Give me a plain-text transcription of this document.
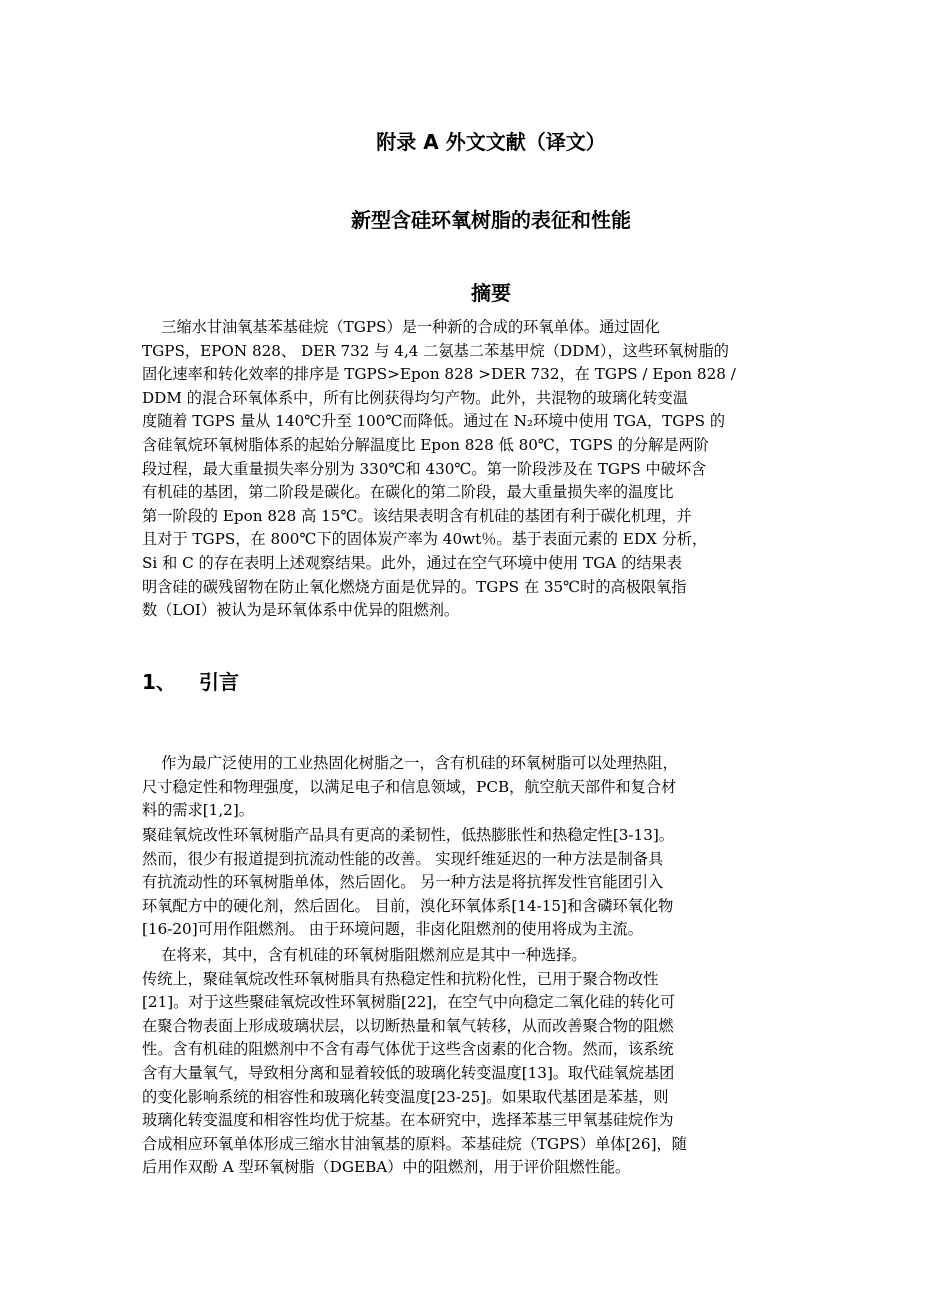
附录 A 外文文献（译文）
新型含硅环氧树脂的表征和性能
摘要
三缩水甘油氧基苯基硅烷（TGPS）是一种新的合成的环氧单体。通过固化
TGPS，EPON 828、 DER 732 与 4,4 二氨基二苯基甲烷（DDM），这些环氧树脂的
固化速率和转化效率的排序是 TGPS>Epon 828 >DER 732，在 TGPS / Epon 828 /
DDM 的混合环氧体系中，所有比例获得均匀产物。此外，共混物的玻璃化转变温
度随着 TGPS 量从 140℃升至 100℃而降低。通过在 N₂环境中使用 TGA，TGPS 的
含硅氧烷环氧树脂体系的起始分解温度比 Epon 828 低 80℃，TGPS 的分解是两阶
段过程，最大重量损失率分别为 330℃和 430℃。第一阶段涉及在 TGPS 中破坏含
有机硅的基团，第二阶段是碳化。在碳化的第二阶段，最大重量损失率的温度比
第一阶段的 Epon 828 高 15℃。该结果表明含有机硅的基团有利于碳化机理，并
且对于 TGPS，在 800℃下的固体炭产率为 40wt％。基于表面元素的 EDX 分析，
Si 和 C 的存在表明上述观察结果。此外，通过在空气环境中使用 TGA 的结果表
明含硅的碳残留物在防止氧化燃烧方面是优异的。TGPS 在 35℃时的高极限氧指
数（LOI）被认为是环氧体系中优异的阻燃剂。
1、 引言
作为最广泛使用的工业热固化树脂之一，含有机硅的环氧树脂可以处理热阻，
尺寸稳定性和物理强度，以满足电子和信息领域，PCB，航空航天部件和复合材
料的需求[1,2]。
聚硅氧烷改性环氧树脂产品具有更高的柔韧性，低热膨胀性和热稳定性[3-13]。
然而，很少有报道提到抗流动性能的改善。 实现纤维延迟的一种方法是制备具
有抗流动性的环氧树脂单体，然后固化。 另一种方法是将抗挥发性官能团引入
环氧配方中的硬化剂，然后固化。 目前，溴化环氧体系[14-15]和含磷环氧化物
[16-20]可用作阻燃剂。 由于环境问题，非卤化阻燃剂的使用将成为主流。
在将来，其中，含有机硅的环氧树脂阻燃剂应是其中一种选择。
传统上，聚硅氧烷改性环氧树脂具有热稳定性和抗粉化性，已用于聚合物改性
[21]。对于这些聚硅氧烷改性环氧树脂[22]，在空气中向稳定二氧化硅的转化可
在聚合物表面上形成玻璃状层，以切断热量和氧气转移，从而改善聚合物的阻燃
性。含有机硅的阻燃剂中不含有毒气体优于这些含卤素的化合物。然而，该系统
含有大量氧气，导致相分离和显着较低的玻璃化转变温度[13]。取代硅氧烷基团
的变化影响系统的相容性和玻璃化转变温度[23-25]。如果取代基团是苯基，则
玻璃化转变温度和相容性均优于烷基。在本研究中，选择苯基三甲氧基硅烷作为
合成相应环氧单体形成三缩水甘油氧基的原料。苯基硅烷（TGPS）单体[26]，随
后用作双酚 A 型环氧树脂（DGEBA）中的阻燃剂，用于评价阻燃性能。
